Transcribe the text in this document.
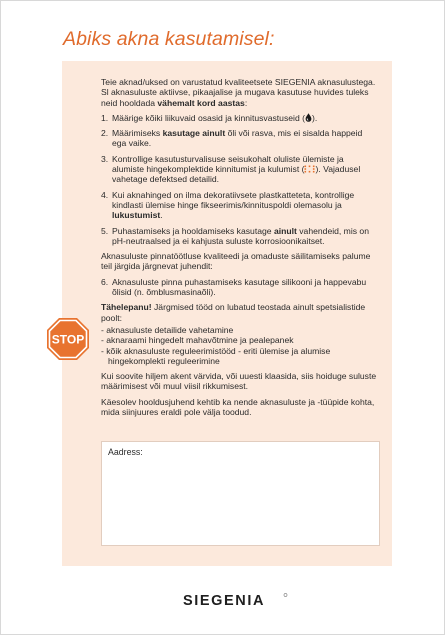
Abiks akna kasutamisel:

Teie aknad/uksed on varustatud kvaliteetsete SIEGENIA aknasulustega. Sl aknasuluste aktiivse, pikaajalise ja mugava kasutuse huvides tuleks neid hooldada vähemalt kord aastas:

1. Määrige kõiki liikuvaid osasid ja kinnitusvastuseid ( ).
2. Määrimiseks kasutage ainult õli või rasva, mis ei sisalda happeid ega vaike.
3. Kontrollige kasutusturvalisuse seisukohalt oluliste ülemiste ja alumiste hingekomplektide kinnitumist ja kulumist ( ). Vajadusel vahetage defektsed detailid.
4. Kui aknahinged on ilma dekoratiivsete plastkatteteta, kontrollige kindlasti ülemise hinge fikseerimis/kinnituspoldi olemasolu ja lukustumist.
5. Puhastamiseks ja hooldamiseks kasutage ainult vahendeid, mis on pH-neutraalsed ja ei kahjusta suluste korrosioonikaitset.

Aknasuluste pinnatöötluse kvaliteedi ja omaduste säilitamiseks palume teil järgida järgnevat juhendit:

6. Aknasuluste pinna puhastamiseks kasutage silikooni ja happevabu õlisid (n. õmblusmasinaõli).

Tähelepanu! Järgmised tööd on lubatud teostada ainult spetsialistide poolt:

- aknasuluste detailide vahetamine
- aknaraami hingedelt mahavõtmine ja pealepanek
- kõik aknasuluste reguleerimistööd - eriti ülemise ja alumise
hingekomplekti reguleerimine

Kui soovite hiljem akent värvida, või uuesti klaasida, siis hoiduge suluste määrimisest või muul viisil rikkumisest.

Käesolev hooldusjuhend kehtib ka nende aknasuluste ja -tüüpide kohta, mida siinjuures eraldi pole välja toodud.

STOP
Aadress:
SIEGENIA
